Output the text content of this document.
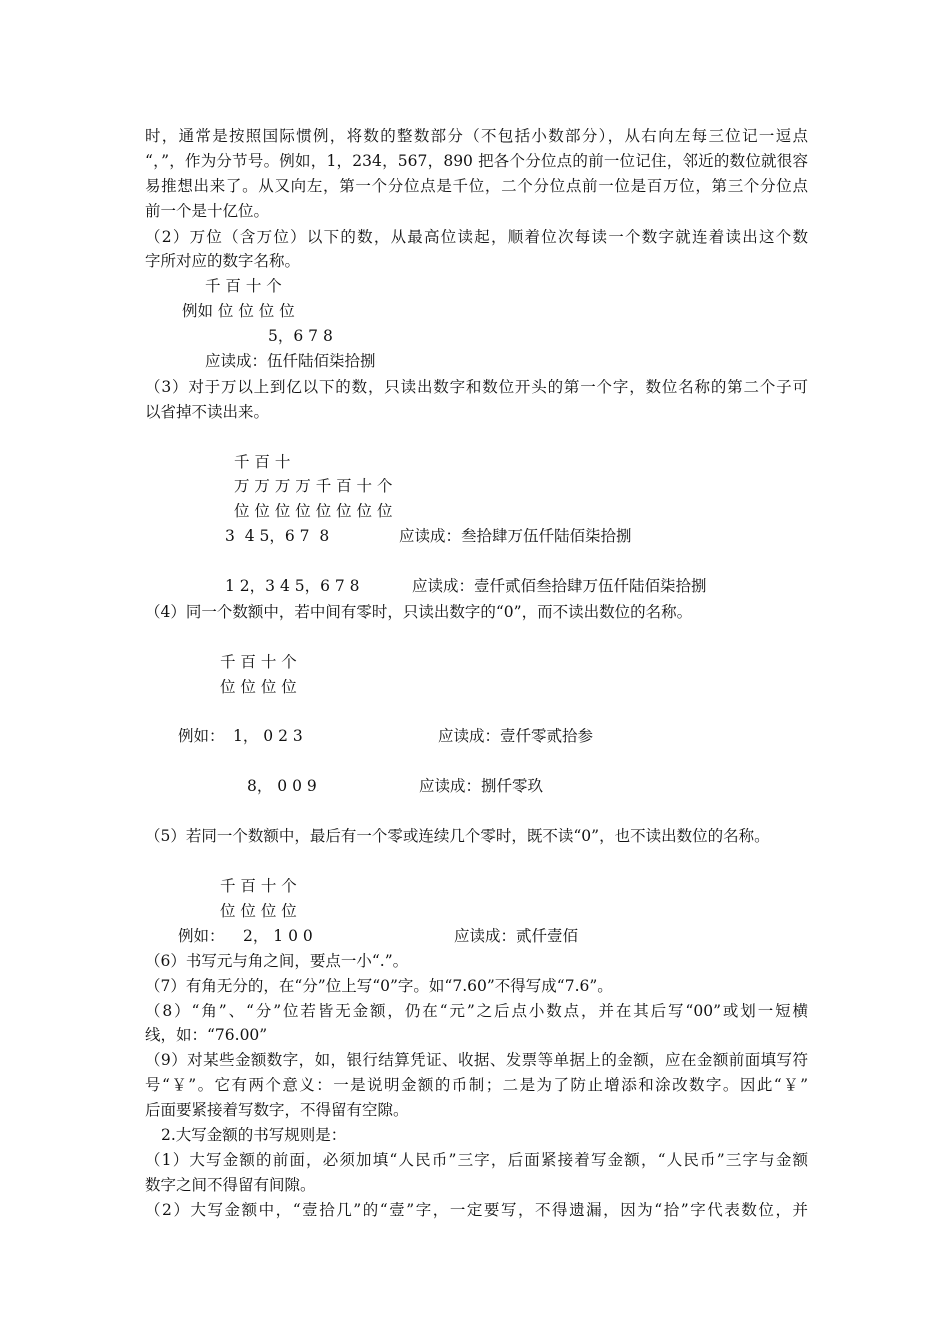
时，通常是按照国际惯例，将数的整数部分（不包括小数部分），从右向左每三位记一逗点
“，”，作为分节号。例如，1，234，567，890 把各个分位点的前一位记住，邻近的数位就很容
易推想出来了。从又向左，第一个分位点是千位，二个分位点前一位是百万位，第三个分位点
前一个是十亿位。
（2）万位（含万位）以下的数，从最高位读起，顺着位次每读一个数字就连着读出这个数
字所对应的数字名称。
千 百 十 个
例如 位 位 位 位
5，6 7 8
应读成：伍仟陆佰柒拾捌
（3）对于万以上到亿以下的数，只读出数字和数位开头的第一个字，数位名称的第二个子可
以省掉不读出来。
千 百 十
万 万 万 万 千 百 十 个
位 位 位 位 位 位 位 位
3  4 5，6 7  8	应读成：叁拾肆万伍仟陆佰柒拾捌
1 2，3 4 5，6 7 8	应读成：壹仟贰佰叁拾肆万伍仟陆佰柒拾捌
（4）同一个数额中，若中间有零时，只读出数字的“0”，而不读出数位的名称。
千 百 十 个
位 位 位 位
例如： 1， 0 2 3	应读成：壹仟零贰拾参
8， 0 0 9	应读成：捌仟零玖
（5）若同一个数额中，最后有一个零或连续几个零时，既不读“0”，也不读出数位的名称。
千 百 十 个
位 位 位 位
例如： 2， 1 0 0	应读成：贰仟壹佰
（6）书写元与角之间，要点一小“.”。
（7）有角无分的，在“分”位上写“0”字。如“7.60”不得写成“7.6”。
（8）“角”、“分”位若皆无金额，仍在“元”之后点小数点，并在其后写“00”或划一短横
线，如：“76.00”
（9）对某些金额数字，如，银行结算凭证、收据、发票等单据上的金额，应在金额前面填写符
号“￥”。它有两个意义：一是说明金额的币制；二是为了防止增添和涂改数字。因此“￥”
后面要紧接着写数字，不得留有空隙。
2.大写金额的书写规则是：
（1）大写金额的前面，必须加填“人民币”三字，后面紧接着写金额，“人民币”三字与金额
数字之间不得留有间隙。
（2）大写金额中，“壹拾几”的“壹”字，一定要写，不得遗漏，因为“拾”字代表数位，并
